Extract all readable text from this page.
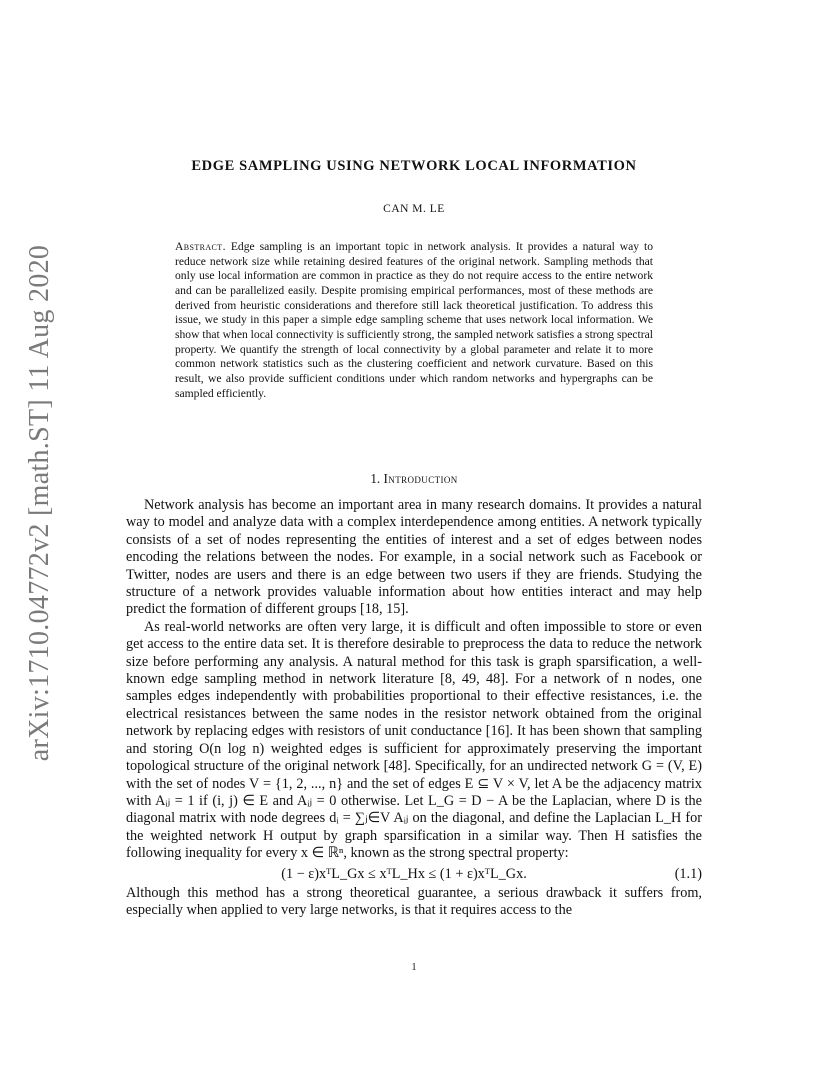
arXiv:1710.04772v2 [math.ST] 11 Aug 2020
EDGE SAMPLING USING NETWORK LOCAL INFORMATION
CAN M. LE
Abstract. Edge sampling is an important topic in network analysis. It provides a natural way to reduce network size while retaining desired features of the original network. Sampling methods that only use local information are common in practice as they do not require access to the entire network and can be parallelized easily. Despite promising empirical performances, most of these methods are derived from heuristic considerations and therefore still lack theoretical justification. To address this issue, we study in this paper a simple edge sampling scheme that uses network local information. We show that when local connectivity is sufficiently strong, the sampled network satisfies a strong spectral property. We quantify the strength of local connectivity by a global parameter and relate it to more common network statistics such as the clustering coefficient and network curvature. Based on this result, we also provide sufficient conditions under which random networks and hypergraphs can be sampled efficiently.
1. Introduction

Network analysis has become an important area in many research domains. It provides a natural way to model and analyze data with a complex interdependence among entities. A network typically consists of a set of nodes representing the entities of interest and a set of edges between nodes encoding the relations between the nodes. For example, in a social network such as Facebook or Twitter, nodes are users and there is an edge between two users if they are friends. Studying the structure of a network provides valuable information about how entities interact and may help predict the formation of different groups [18, 15].

As real-world networks are often very large, it is difficult and often impossible to store or even get access to the entire data set. It is therefore desirable to preprocess the data to reduce the network size before performing any analysis. A natural method for this task is graph sparsification, a well-known edge sampling method in network literature [8, 49, 48]. For a network of n nodes, one samples edges independently with probabilities proportional to their effective resistances, i.e. the electrical resistances between the same nodes in the resistor network obtained from the original network by replacing edges with resistors of unit conductance [16]. It has been shown that sampling and storing O(n log n) weighted edges is sufficient for approximately preserving the important topological structure of the original network [48]. Specifically, for an undirected network G = (V, E) with the set of nodes V = {1, 2, ..., n} and the set of edges E ⊆ V × V, let A be the adjacency matrix with Aᵢⱼ = 1 if (i, j) ∈ E and Aᵢⱼ = 0 otherwise. Let L_G = D − A be the Laplacian, where D is the diagonal matrix with node degrees dᵢ = ∑ⱼ∈V Aᵢⱼ on the diagonal, and define the Laplacian L_H for the weighted network H output by graph sparsification in a similar way. Then H satisfies the following inequality for every x ∈ ℝⁿ, known as the strong spectral property:

(1 − ε)xᵀL_Gx ≤ xᵀL_Hx ≤ (1 + ε)xᵀL_Gx.	(1.1)

Although this method has a strong theoretical guarantee, a serious drawback it suffers from, especially when applied to very large networks, is that it requires access to the

1
